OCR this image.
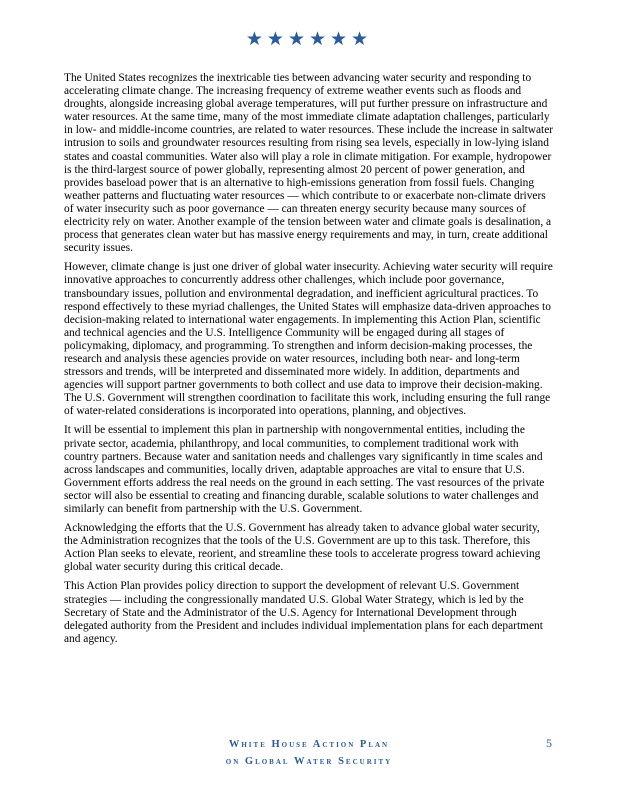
★★★★★★

The United States recognizes the inextricable ties between advancing water security and responding to accelerating climate change. The increasing frequency of extreme weather events such as floods and droughts, alongside increasing global average temperatures, will put further pressure on infrastructure and water resources. At the same time, many of the most immediate climate adaptation challenges, particularly in low- and middle-income countries, are related to water resources. These include the increase in saltwater intrusion to soils and groundwater resources resulting from rising sea levels, especially in low-lying island states and coastal communities. Water also will play a role in climate mitigation. For example, hydropower is the third-largest source of power globally, representing almost 20 percent of power generation, and provides baseload power that is an alternative to high-emissions generation from fossil fuels. Changing weather patterns and fluctuating water resources — which contribute to or exacerbate non-climate drivers of water insecurity such as poor governance — can threaten energy security because many sources of electricity rely on water. Another example of the tension between water and climate goals is desalination, a process that generates clean water but has massive energy requirements and may, in turn, create additional security issues.

However, climate change is just one driver of global water insecurity. Achieving water security will require innovative approaches to concurrently address other challenges, which include poor governance, transboundary issues, pollution and environmental degradation, and inefficient agricultural practices. To respond effectively to these myriad challenges, the United States will emphasize data-driven approaches to decision-making related to international water engagements. In implementing this Action Plan, scientific and technical agencies and the U.S. Intelligence Community will be engaged during all stages of policymaking, diplomacy, and programming. To strengthen and inform decision-making processes, the research and analysis these agencies provide on water resources, including both near- and long-term stressors and trends, will be interpreted and disseminated more widely. In addition, departments and agencies will support partner governments to both collect and use data to improve their decision-making. The U.S. Government will strengthen coordination to facilitate this work, including ensuring the full range of water-related considerations is incorporated into operations, planning, and objectives.

It will be essential to implement this plan in partnership with nongovernmental entities, including the private sector, academia, philanthropy, and local communities, to complement traditional work with country partners. Because water and sanitation needs and challenges vary significantly in time scales and across landscapes and communities, locally driven, adaptable approaches are vital to ensure that U.S. Government efforts address the real needs on the ground in each setting. The vast resources of the private sector will also be essential to creating and financing durable, scalable solutions to water challenges and similarly can benefit from partnership with the U.S. Government.

Acknowledging the efforts that the U.S. Government has already taken to advance global water security, the Administration recognizes that the tools of the U.S. Government are up to this task. Therefore, this Action Plan seeks to elevate, reorient, and streamline these tools to accelerate progress toward achieving global water security during this critical decade.

This Action Plan provides policy direction to support the development of relevant U.S. Government strategies — including the congressionally mandated U.S. Global Water Strategy, which is led by the Secretary of State and the Administrator of the U.S. Agency for International Development through delegated authority from the President and includes individual implementation plans for each department and agency.

White House Action Plan
on Global Water Security
5
